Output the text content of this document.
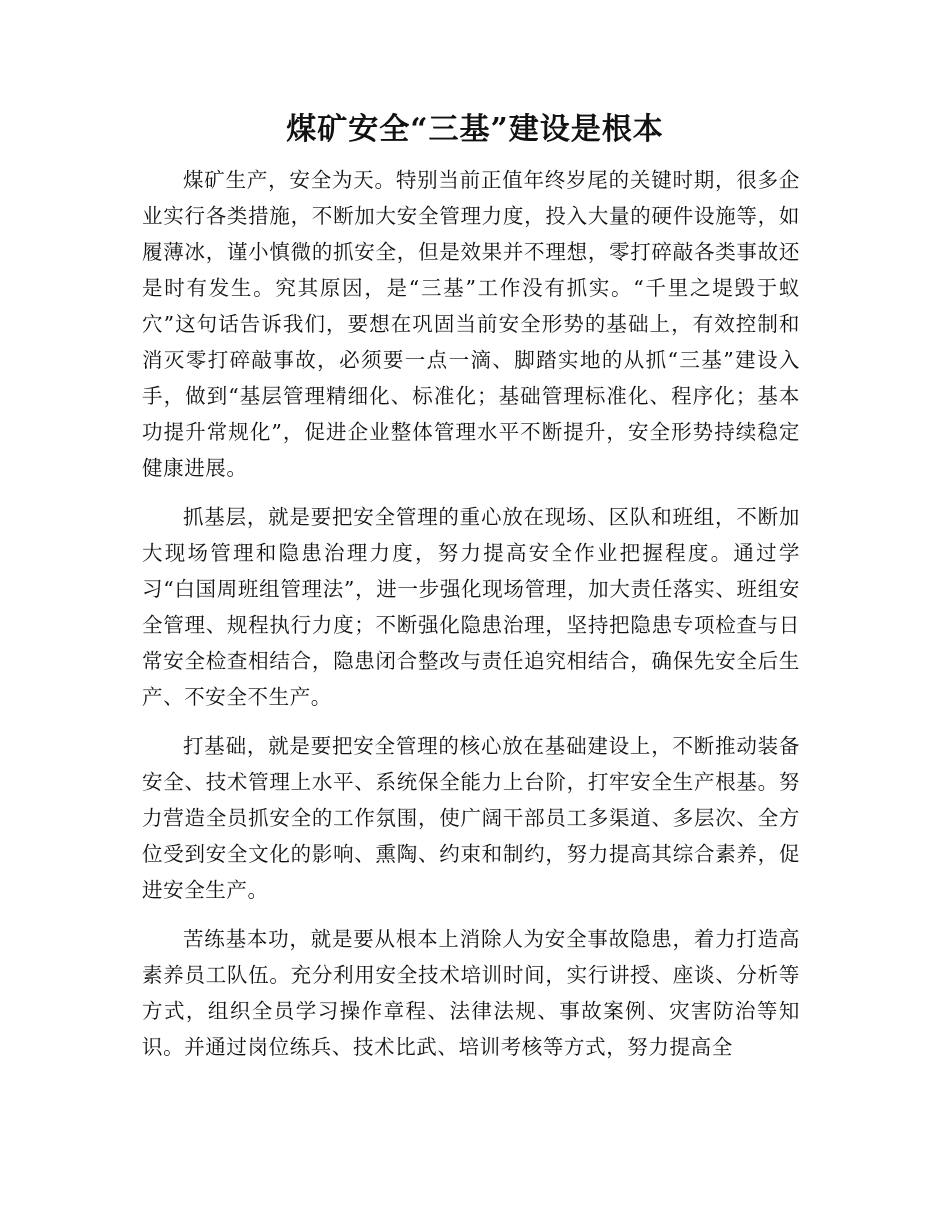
煤矿安全“三基”建设是根本

煤矿生产，安全为天。特别当前正值年终岁尾的关键时期，很多企业实行各类措施，不断加大安全管理力度，投入大量的硬件设施等，如履薄冰，谨小慎微的抓安全，但是效果并不理想，零打碎敲各类事故还是时有发生。究其原因，是“三基”工作没有抓实。“千里之堤毁于蚁穴”这句话告诉我们，要想在巩固当前安全形势的基础上，有效控制和消灭零打碎敲事故，必须要一点一滴、脚踏实地的从抓“三基”建设入手，做到“基层管理精细化、标准化；基础管理标准化、程序化；基本功提升常规化”，促进企业整体管理水平不断提升，安全形势持续稳定健康进展。

抓基层，就是要把安全管理的重心放在现场、区队和班组，不断加大现场管理和隐患治理力度，努力提高安全作业把握程度。通过学习“白国周班组管理法”，进一步强化现场管理，加大责任落实、班组安全管理、规程执行力度；不断强化隐患治理，坚持把隐患专项检查与日常安全检查相结合，隐患闭合整改与责任追究相结合，确保先安全后生产、不安全不生产。

打基础，就是要把安全管理的核心放在基础建设上，不断推动装备安全、技术管理上水平、系统保全能力上台阶，打牢安全生产根基。努力营造全员抓安全的工作氛围，使广阔干部员工多渠道、多层次、全方位受到安全文化的影响、熏陶、约束和制约，努力提高其综合素养，促进安全生产。

苦练基本功，就是要从根本上消除人为安全事故隐患，着力打造高素养员工队伍。充分利用安全技术培训时间，实行讲授、座谈、分析等方式，组织全员学习操作章程、法律法规、事故案例、灾害防治等知识。并通过岗位练兵、技术比武、培训考核等方式，努力提高全
